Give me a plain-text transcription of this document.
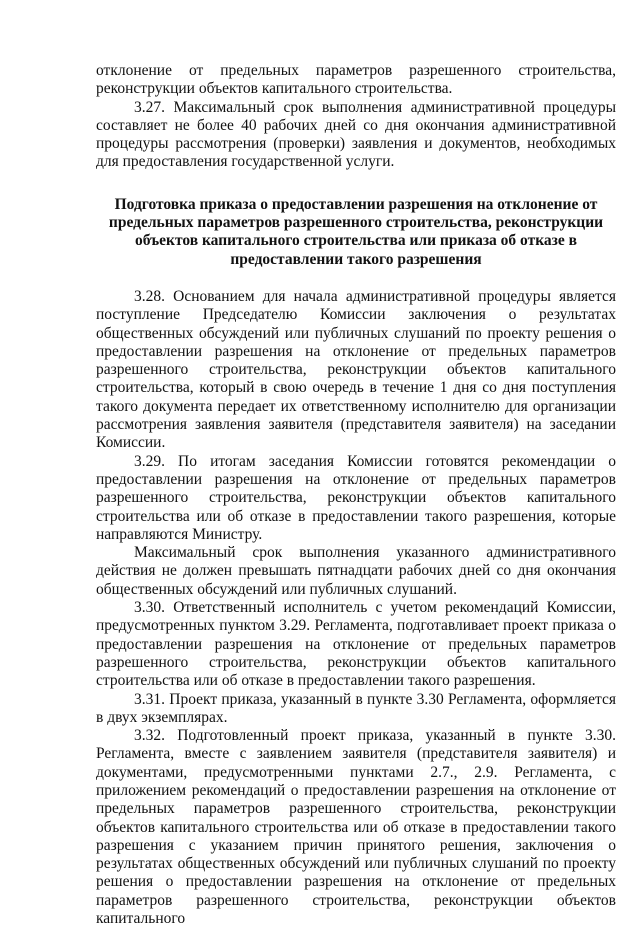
отклонение от предельных параметров разрешенного строительства, реконструкции объектов капитального строительства.

3.27. Максимальный срок выполнения административной процедуры составляет не более 40 рабочих дней со дня окончания административной процедуры рассмотрения (проверки) заявления и документов, необходимых для предоставления государственной услуги.

Подготовка приказа о предоставлении разрешения на отклонение от предельных параметров разрешенного строительства, реконструкции объектов капитального строительства или приказа об отказе в предоставлении такого разрешения

3.28. Основанием для начала административной процедуры является поступление Председателю Комиссии заключения о результатах общественных обсуждений или публичных слушаний по проекту решения о предоставлении разрешения на отклонение от предельных параметров разрешенного строительства, реконструкции объектов капитального строительства, который в свою очередь в течение 1 дня со дня поступления такого документа передает их ответственному исполнителю для организации рассмотрения заявления заявителя (представителя заявителя) на заседании Комиссии.

3.29. По итогам заседания Комиссии готовятся рекомендации о предоставлении разрешения на отклонение от предельных параметров разрешенного строительства, реконструкции объектов капитального строительства или об отказе в предоставлении такого разрешения, которые направляются Министру.

Максимальный срок выполнения указанного административного действия не должен превышать пятнадцати рабочих дней со дня окончания общественных обсуждений или публичных слушаний.

3.30. Ответственный исполнитель с учетом рекомендаций Комиссии, предусмотренных пунктом 3.29. Регламента, подготавливает проект приказа о предоставлении разрешения на отклонение от предельных параметров разрешенного строительства, реконструкции объектов капитального строительства или об отказе в предоставлении такого разрешения.

3.31. Проект приказа, указанный в пункте 3.30 Регламента, оформляется в двух экземплярах.

3.32. Подготовленный проект приказа, указанный в пункте 3.30. Регламента, вместе с заявлением заявителя (представителя заявителя) и документами, предусмотренными пунктами 2.7., 2.9. Регламента, с приложением рекомендаций о предоставлении разрешения на отклонение от предельных параметров разрешенного строительства, реконструкции объектов капитального строительства или об отказе в предоставлении такого разрешения с указанием причин принятого решения, заключения о результатах общественных обсуждений или публичных слушаний по проекту решения о предоставлении разрешения на отклонение от предельных параметров разрешенного строительства, реконструкции объектов капитального
